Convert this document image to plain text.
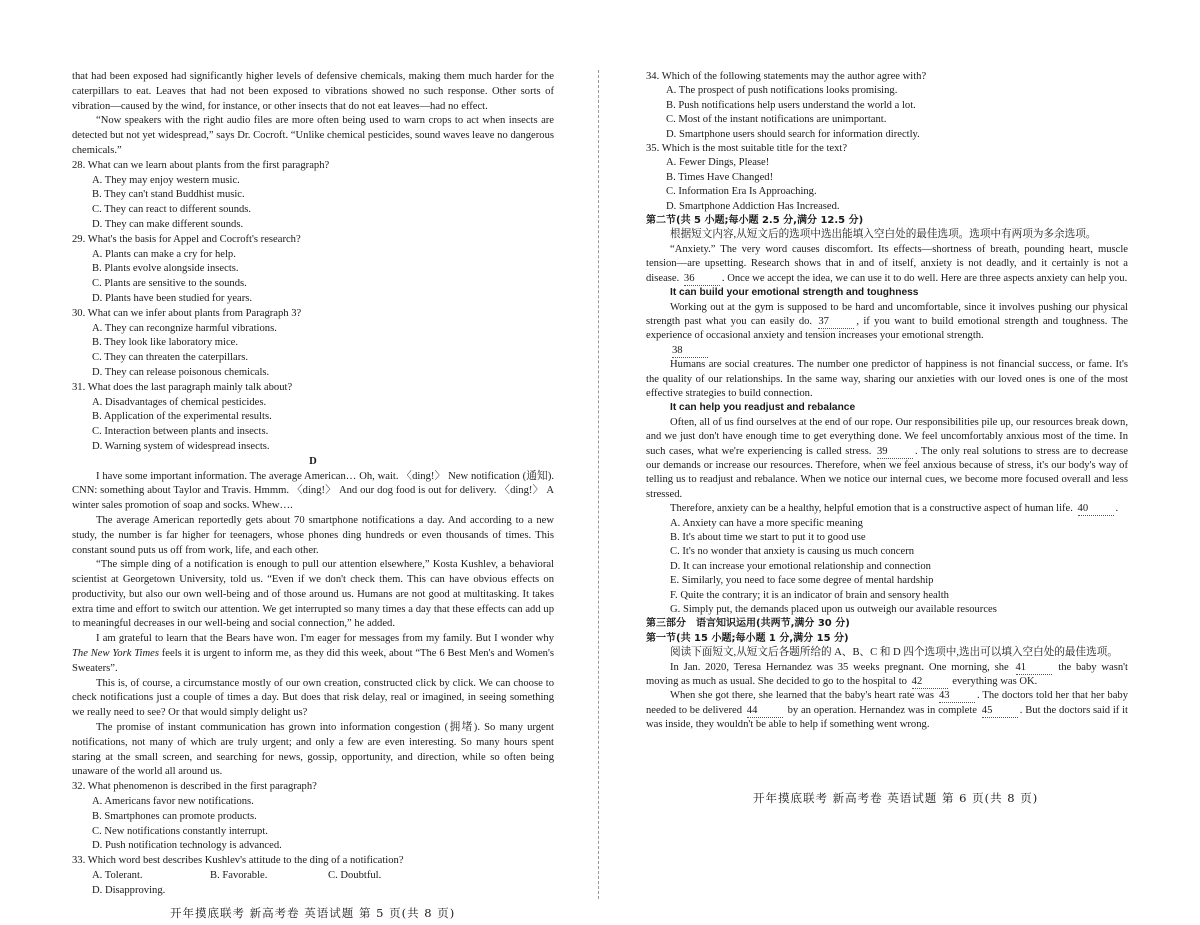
that had been exposed had significantly higher levels of defensive chemicals, making them much harder for the caterpillars to eat. Leaves that had not been exposed to vibrations showed no such response. Other sorts of vibration—caused by the wind, for instance, or other insects that do not eat leaves—had no effect.

“Now speakers with the right audio files are more often being used to warn crops to act when insects are detected but not yet widespread,” says Dr. Cocroft. “Unlike chemical pesticides, sound waves leave no dangerous chemicals.”

28. What can we learn about plants from the first paragraph?
A. They may enjoy western music.
B. They can't stand Buddhist music.
C. They can react to different sounds.
D. They can make different sounds.
29. What's the basis for Appel and Cocroft's research?
A. Plants can make a cry for help.
B. Plants evolve alongside insects.
C. Plants are sensitive to the sounds.
D. Plants have been studied for years.
30. What can we infer about plants from Paragraph 3?
A. They can recongnize harmful vibrations.
B. They look like laboratory mice.
C. They can threaten the caterpillars.
D. They can release poisonous chemicals.
31. What does the last paragraph mainly talk about?
A. Disadvantages of chemical pesticides.
B. Application of the experimental results.
C. Interaction between plants and insects.
D. Warning system of widespread insects.
D

I have some important information. The average American… Oh, wait. 〈ding!〉 New notification (通知). CNN: something about Taylor and Travis. Hmmm. 〈ding!〉 And our dog food is out for delivery. 〈ding!〉 A winter sales promotion of soap and socks. Whew….

The average American reportedly gets about 70 smartphone notifications a day. And according to a new study, the number is far higher for teenagers, whose phones ding hundreds or even thousands of times. This constant sound puts us off from work, life, and each other.

“The simple ding of a notification is enough to pull our attention elsewhere,” Kosta Kushlev, a behavioral scientist at Georgetown University, told us. “Even if we don't check them. This can have obvious effects on productivity, but also our own well-being and of those around us. Humans are not good at multitasking. It takes extra time and effort to switch our attention. We get interrupted so many times a day that these effects can add up to meaningful decreases in our well-being and social connection,” he added.

I am grateful to learn that the Bears have won. I'm eager for messages from my family. But I wonder why The New York Times feels it is urgent to inform me, as they did this week, about “The 6 Best Men's and Women's Sweaters”.

This is, of course, a circumstance mostly of our own creation, constructed click by click. We can choose to check notifications just a couple of times a day. But does that risk delay, real or imagined, in seeing something we really need to see? Or that would simply delight us?

The promise of instant communication has grown into information congestion (拥堵). So many urgent notifications, not many of which are truly urgent; and only a few are even interesting. So many hours spent staring at the small screen, and searching for news, gossip, opportunity, and direction, while so often being unaware of the world all around us.

32. What phenomenon is described in the first paragraph?
A. Americans favor new notifications.
B. Smartphones can promote products.
C. New notifications constantly interrupt.
D. Push notification technology is advanced.
33. Which word best describes Kushlev's attitude to the ding of a notification?
A. Tolerant.	B. Favorable.	C. Doubtful.
D. Disapproving.
34. Which of the following statements may the author agree with?
A. The prospect of push notifications looks promising.
B. Push notifications help users understand the world a lot.
C. Most of the instant notifications are unimportant.
D. Smartphone users should search for information directly.
35. Which is the most suitable title for the text?
A. Fewer Dings, Please!
B. Times Have Changed!
C. Information Era Is Approaching.
D. Smartphone Addiction Has Increased.
第二节(共 5 小题;每小题 2.5 分,满分 12.5 分)

根据短文内容,从短文后的选项中选出能填入空白处的最佳选项。选项中有两项为多余选项。

“Anxiety.” The very word causes discomfort. Its effects—shortness of breath, pounding heart, muscle tension—are upsetting. Research shows that in and of itself, anxiety is not deadly, and it certainly is not a disease. 36	. Once we accept the idea, we can use it to do well. Here are three aspects anxiety can help you.

It can build your emotional strength and toughness

Working out at the gym is supposed to be hard and uncomfortable, since it involves pushing our physical strength past what you can easily do. 37	, if you want to build emotional strength and toughness. The experience of occasional anxiety and tension increases your emotional strength.

38

Humans are social creatures. The number one predictor of happiness is not financial success, or fame. It's the quality of our relationships. In the same way, sharing our anxieties with our loved ones is one of the most effective strategies to build connection.

It can help you readjust and rebalance

Often, all of us find ourselves at the end of our rope. Our responsibilities pile up, our resources break down, and we just don't have enough time to get everything done. We feel uncomfortably anxious most of the time. In such cases, what we're experiencing is called stress. 39	. The only real solutions to stress are to decrease our demands or increase our resources. Therefore, when we feel anxious because of stress, it's our body's way of telling us to readjust and rebalance. When we notice our internal cues, we become more focused overall and less stressed.

Therefore, anxiety can be a healthy, helpful emotion that is a constructive aspect of human life. 40	.

A. Anxiety can have a more specific meaning
B. It's about time we start to put it to good use
C. It's no wonder that anxiety is causing us much concern
D. It can increase your emotional relationship and connection
E. Similarly, you need to face some degree of mental hardship
F. Quite the contrary; it is an indicator of brain and sensory health
G. Simply put, the demands placed upon us outweigh our available resources
第三部分　语言知识运用(共两节,满分 30 分)
第一节(共 15 小题;每小题 1 分,满分 15 分)

阅读下面短文,从短文后各题所给的 A、B、C 和 D 四个选项中,选出可以填入空白处的最佳选项。

In Jan. 2020, Teresa Hernandez was 35 weeks pregnant. One morning, she 41	the baby wasn't moving as much as usual. She decided to go to the hospital to 42	everything was OK.

When she got there, she learned that the baby's heart rate was 43	. The doctors told her that her baby needed to be delivered 44	by an operation. Hernandez was in complete 45	. But the doctors said if it was inside, they wouldn't be able to help if something went wrong.

开年摸底联考 新高考卷 英语试题 第 5 页(共 8 页)
开年摸底联考 新高考卷 英语试题 第 6 页(共 8 页)
